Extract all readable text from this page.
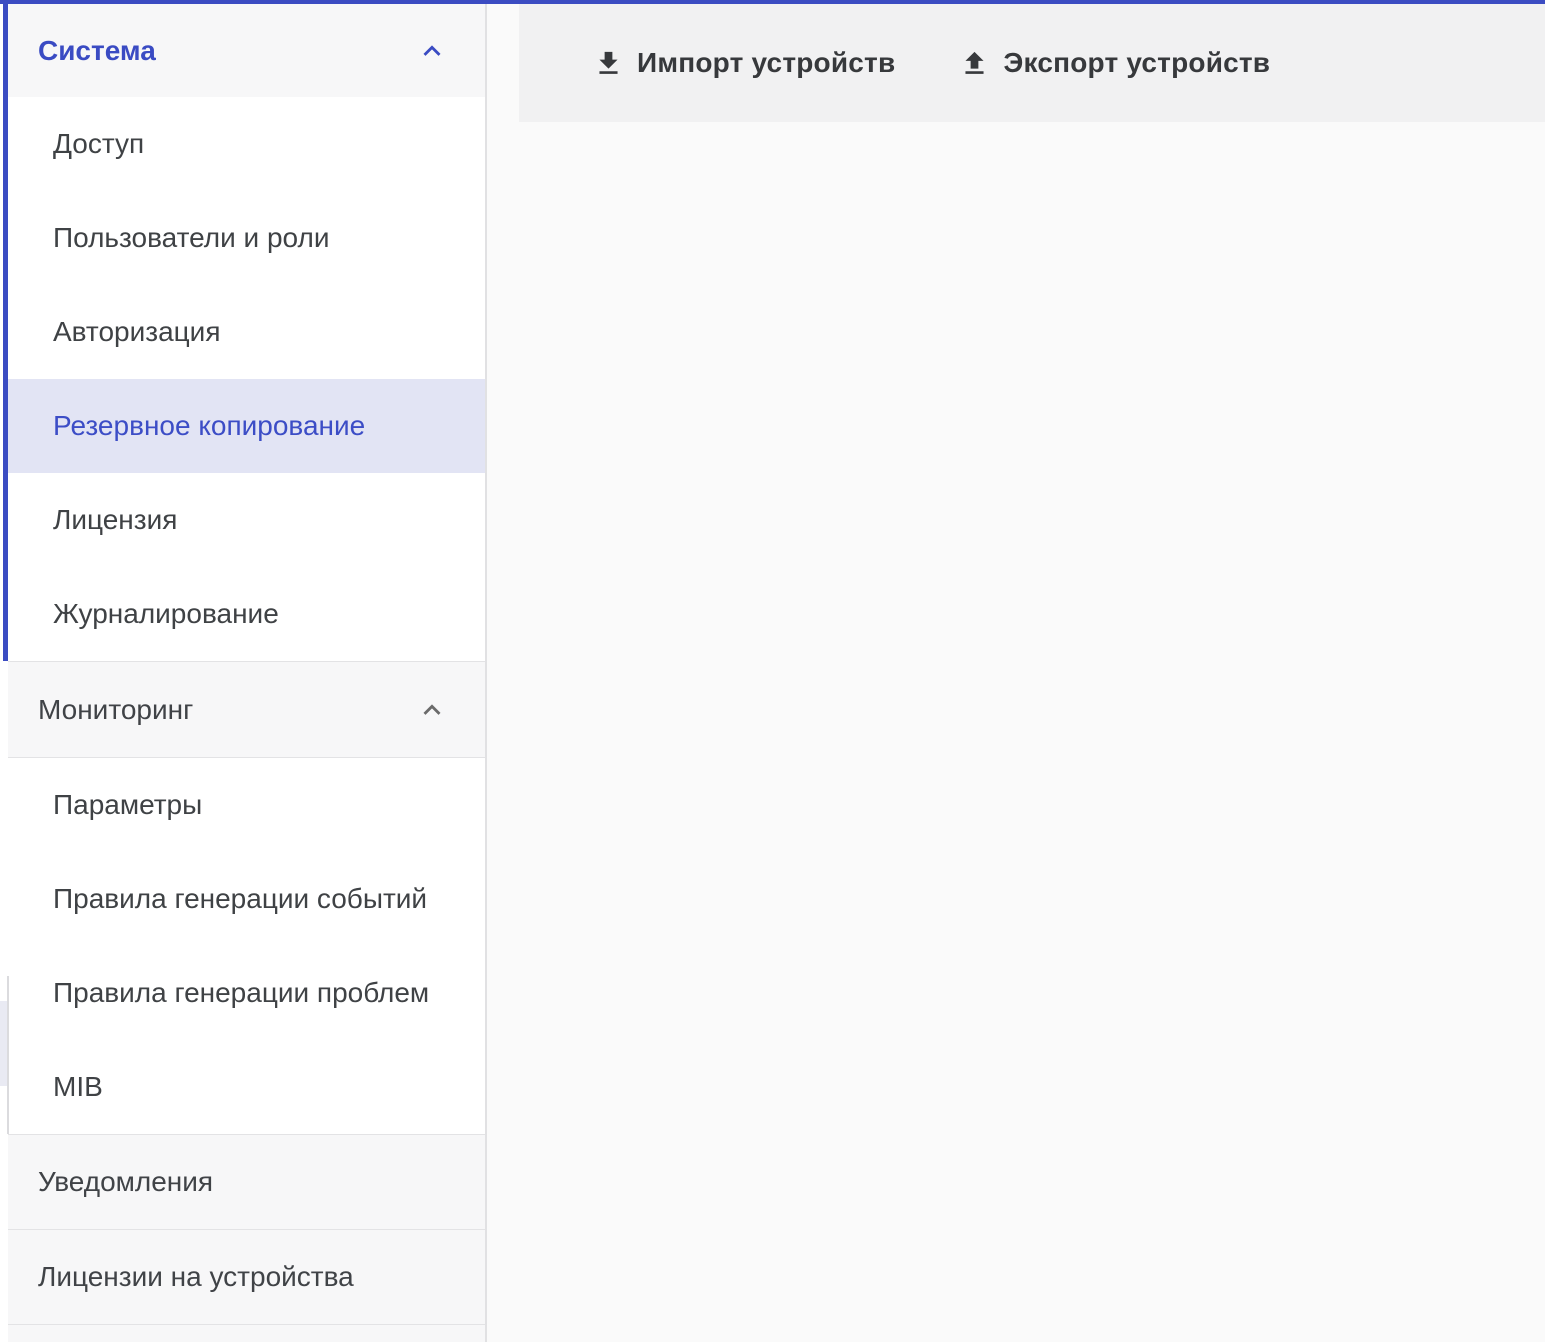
Система
Доступ
Пользователи и роли
Авторизация
Резервное копирование
Лицензия
Журналирование
Мониторинг
Параметры
Правила генерации событий
Правила генерации проблем
MIB
Уведомления
Лицензии на устройства
Импорт устройств	Экспорт устройств
